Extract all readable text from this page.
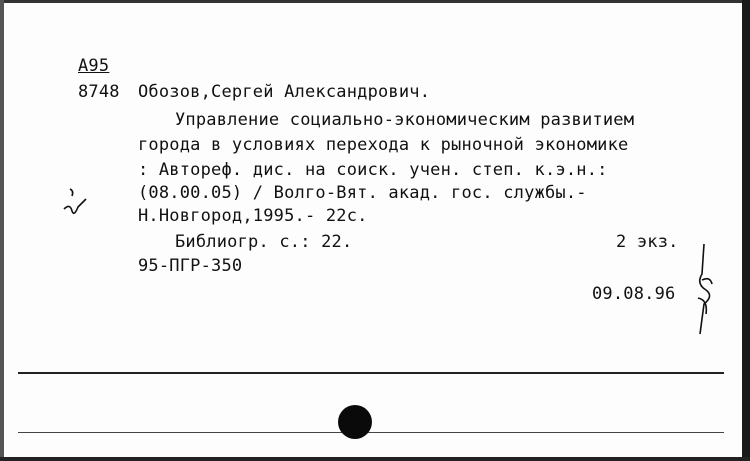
А95
8748 Обозов,Сергей Александрович.
Управление социально-экономическим развитием
города в условиях перехода к рыночной экономике
: Автореф. дис. на соиск. учен. степ. к.э.н.:
(08.00.05) / Волго-Вят. акад. гос. службы.-
Н.Новгород,1995.- 22с.
Библиогр. с.: 22.	2 экз.
95-ПГР-350
09.08.96
